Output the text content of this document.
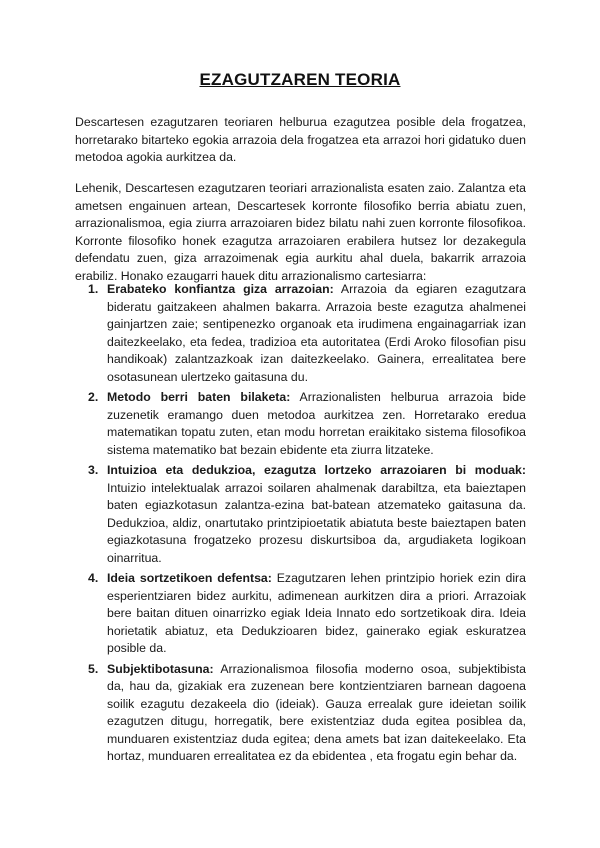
EZAGUTZAREN TEORIA

Descartesen ezagutzaren teoriaren helburua ezagutzea posible dela frogatzea, horretarako bitarteko egokia arrazoia dela frogatzea eta arrazoi hori gidatuko duen metodoa agokia aurkitzea da.

Lehenik, Descartesen ezagutzaren teoriari arrazionalista esaten zaio. Zalantza eta ametsen engainuen artean, Descartesek korronte filosofiko berria abiatu zuen, arrazionalismoa, egia ziurra arrazoiaren bidez bilatu nahi zuen korronte filosofikoa. Korronte filosofiko honek ezagutza arrazoiaren erabilera hutsez lor dezakegula defendatu zuen, giza arrazoimenak egia aurkitu ahal duela, bakarrik arrazoia erabiliz. Honako ezaugarri hauek ditu arrazionalismo cartesiarra:

1. Erabateko konfiantza giza arrazoian: Arrazoia da egiaren ezagutzara bideratu gaitzakeen ahalmen bakarra. Arrazoia beste ezagutza ahalmenei gainjartzen zaie; sentipenezko organoak eta irudimena engainagarriak izan daitezkeelako, eta fedea, tradizioa eta autoritatea (Erdi Aroko filosofian pisu handikoak) zalantzazkoak izan daitezkeelako. Gainera, errealitatea bere osotasunean ulertzeko gaitasuna du.
2. Metodo berri baten bilaketa: Arrazionalisten helburua arrazoia bide zuzenetik eramango duen metodoa aurkitzea zen. Horretarako eredua matematikan topatu zuten, etan modu horretan eraikitako sistema filosofikoa sistema matematiko bat bezain ebidente eta ziurra litzateke.
3. Intuizioa eta dedukzioa, ezagutza lortzeko arrazoiaren bi moduak: Intuizio intelektualak arrazoi soilaren ahalmenak darabiltza, eta baieztapen baten egiazkotasun zalantza-ezina bat-batean atzemateko gaitasuna da. Dedukzioa, aldiz, onartutako printzipioetatik abiatuta beste baieztapen baten egiazkotasuna frogatzeko prozesu diskurtsiboa da, argudiaketa logikoan oinarritua.
4. Ideia sortzetikoen defentsa: Ezagutzaren lehen printzipio horiek ezin dira esperientziaren bidez aurkitu, adimenean aurkitzen dira a priori. Arrazoiak bere baitan dituen oinarrizko egiak Ideia Innato edo sortzetikoak dira. Ideia horietatik abiatuz, eta Dedukzioaren bidez, gainerako egiak eskuratzea posible da.
5. Subjektibotasuna: Arrazionalismoa filosofia moderno osoa, subjektibista da, hau da, gizakiak era zuzenean bere kontzientziaren barnean dagoena soilik ezagutu dezakeela dio (ideiak). Gauza errealak gure ideietan soilik ezagutzen ditugu, horregatik, bere existentziaz duda egitea posiblea da, munduaren existentziaz duda egitea; dena amets bat izan daitekeelako. Eta hortaz, munduaren errealitatea ez da ebidentea , eta frogatu egin behar da.
